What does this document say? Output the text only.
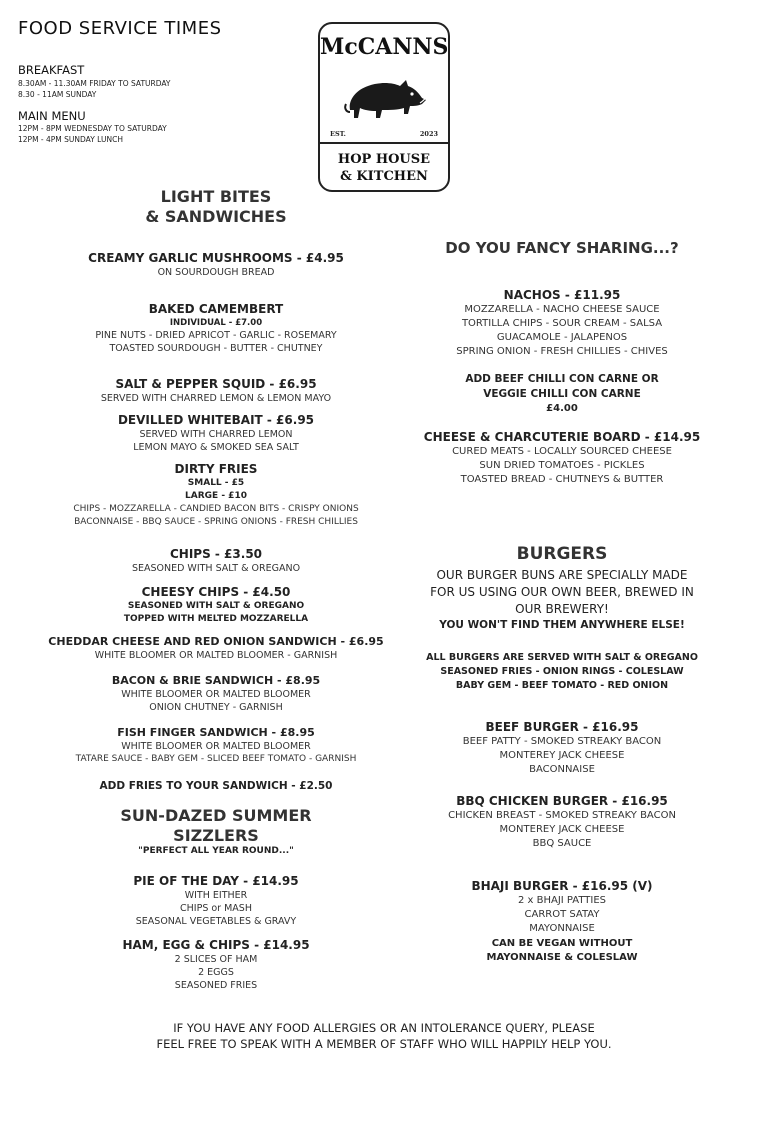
FOOD SERVICE TIMES
BREAKFAST
8.30AM - 11.30AM FRIDAY TO SATURDAY
8.30 - 11AM SUNDAY
MAIN MENU
12PM - 8PM WEDNESDAY TO SATURDAY
12PM - 4PM SUNDAY LUNCH
McCANNS
EST.	2023
HOP HOUSE
& KITCHEN
LIGHT BITES
& SANDWICHES
CREAMY GARLIC MUSHROOMS - £4.95
ON SOURDOUGH BREAD
BAKED CAMEMBERT
INDIVIDUAL - £7.00
PINE NUTS - DRIED APRICOT - GARLIC - ROSEMARY
TOASTED SOURDOUGH - BUTTER - CHUTNEY
SALT & PEPPER SQUID - £6.95
SERVED WITH CHARRED LEMON & LEMON MAYO
DEVILLED WHITEBAIT - £6.95
SERVED WITH CHARRED LEMON
LEMON MAYO & SMOKED SEA SALT
DIRTY FRIES
SMALL - £5
LARGE - £10
CHIPS - MOZZARELLA - CANDIED BACON BITS - CRISPY ONIONS
BACONNAISE - BBQ SAUCE - SPRING ONIONS - FRESH CHILLIES
CHIPS - £3.50
SEASONED WITH SALT & OREGANO
CHEESY CHIPS - £4.50
SEASONED WITH SALT & OREGANO
TOPPED WITH MELTED MOZZARELLA
CHEDDAR CHEESE AND RED ONION SANDWICH - £6.95
WHITE BLOOMER OR MALTED BLOOMER - GARNISH
BACON & BRIE SANDWICH - £8.95
WHITE BLOOMER OR MALTED BLOOMER
ONION CHUTNEY - GARNISH
FISH FINGER SANDWICH - £8.95
WHITE BLOOMER OR MALTED BLOOMER
TATARE SAUCE - BABY GEM - SLICED BEEF TOMATO - GARNISH
ADD FRIES TO YOUR SANDWICH - £2.50
SUN-DAZED SUMMER
SIZZLERS
"PERFECT ALL YEAR ROUND..."
PIE OF THE DAY - £14.95
WITH EITHER
CHIPS or MASH
SEASONAL VEGETABLES & GRAVY
HAM, EGG & CHIPS - £14.95
2 SLICES OF HAM
2 EGGS
SEASONED FRIES
DO YOU FANCY SHARING...?
NACHOS - £11.95
MOZZARELLA - NACHO CHEESE SAUCE
TORTILLA CHIPS - SOUR CREAM - SALSA
GUACAMOLE - JALAPENOS
SPRING ONION - FRESH CHILLIES - CHIVES
ADD BEEF CHILLI CON CARNE OR
VEGGIE CHILLI CON CARNE
£4.00
CHEESE & CHARCUTERIE BOARD - £14.95
CURED MEATS - LOCALLY SOURCED CHEESE
SUN DRIED TOMATOES - PICKLES
TOASTED BREAD - CHUTNEYS & BUTTER
BURGERS
OUR BURGER BUNS ARE SPECIALLY MADE
FOR US USING OUR OWN BEER, BREWED IN
OUR BREWERY!
YOU WON'T FIND THEM ANYWHERE ELSE!
ALL BURGERS ARE SERVED WITH SALT & OREGANO
SEASONED FRIES - ONION RINGS - COLESLAW
BABY GEM - BEEF TOMATO - RED ONION
BEEF BURGER - £16.95
BEEF PATTY - SMOKED STREAKY BACON
MONTEREY JACK CHEESE
BACONNAISE
BBQ CHICKEN BURGER - £16.95
CHICKEN BREAST - SMOKED STREAKY BACON
MONTEREY JACK CHEESE
BBQ SAUCE
BHAJI BURGER - £16.95 (V)
2 x BHAJI PATTIES
CARROT SATAY
MAYONNAISE
CAN BE VEGAN WITHOUT
MAYONNAISE & COLESLAW
IF YOU HAVE ANY FOOD ALLERGIES OR AN INTOLERANCE QUERY, PLEASE
FEEL FREE TO SPEAK WITH A MEMBER OF STAFF WHO WILL HAPPILY HELP YOU.
